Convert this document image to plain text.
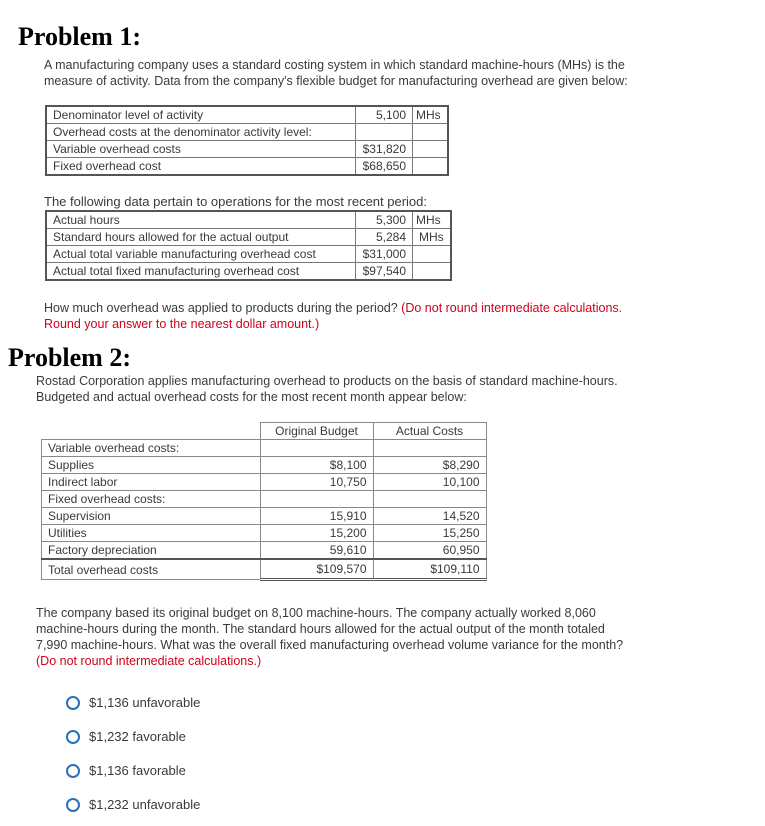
Problem 1:

A manufacturing company uses a standard costing system in which standard machine-hours (MHs) is the
measure of activity. Data from the company's flexible budget for manufacturing overhead are given below:

Denominator level of activity	5,100	MHs
Overhead costs at the denominator activity level:		
Variable overhead costs	$31,820	
Fixed overhead cost	$68,650	

The following data pertain to operations for the most recent period:

Actual hours	5,300	MHs
Standard hours allowed for the actual output	5,284	MHs
Actual total variable manufacturing overhead cost	$31,000	
Actual total fixed manufacturing overhead cost	$97,540	

How much overhead was applied to products during the period? (Do not round intermediate calculations.
Round your answer to the nearest dollar amount.)

Problem 2:

Rostad Corporation applies manufacturing overhead to products on the basis of standard machine-hours.
Budgeted and actual overhead costs for the most recent month appear below:

	Original Budget	Actual Costs
Variable overhead costs:		
Supplies	$8,100	$8,290
Indirect labor	10,750	10,100
Fixed overhead costs:		
Supervision	15,910	14,520
Utilities	15,200	15,250
Factory depreciation	59,610	60,950
Total overhead costs	$109,570	$109,110

The company based its original budget on 8,100 machine-hours. The company actually worked 8,060
machine-hours during the month. The standard hours allowed for the actual output of the month totaled
7,990 machine-hours. What was the overall fixed manufacturing overhead volume variance for the month?
(Do not round intermediate calculations.)

$1,136 unfavorable
$1,232 favorable
$1,136 favorable
$1,232 unfavorable
